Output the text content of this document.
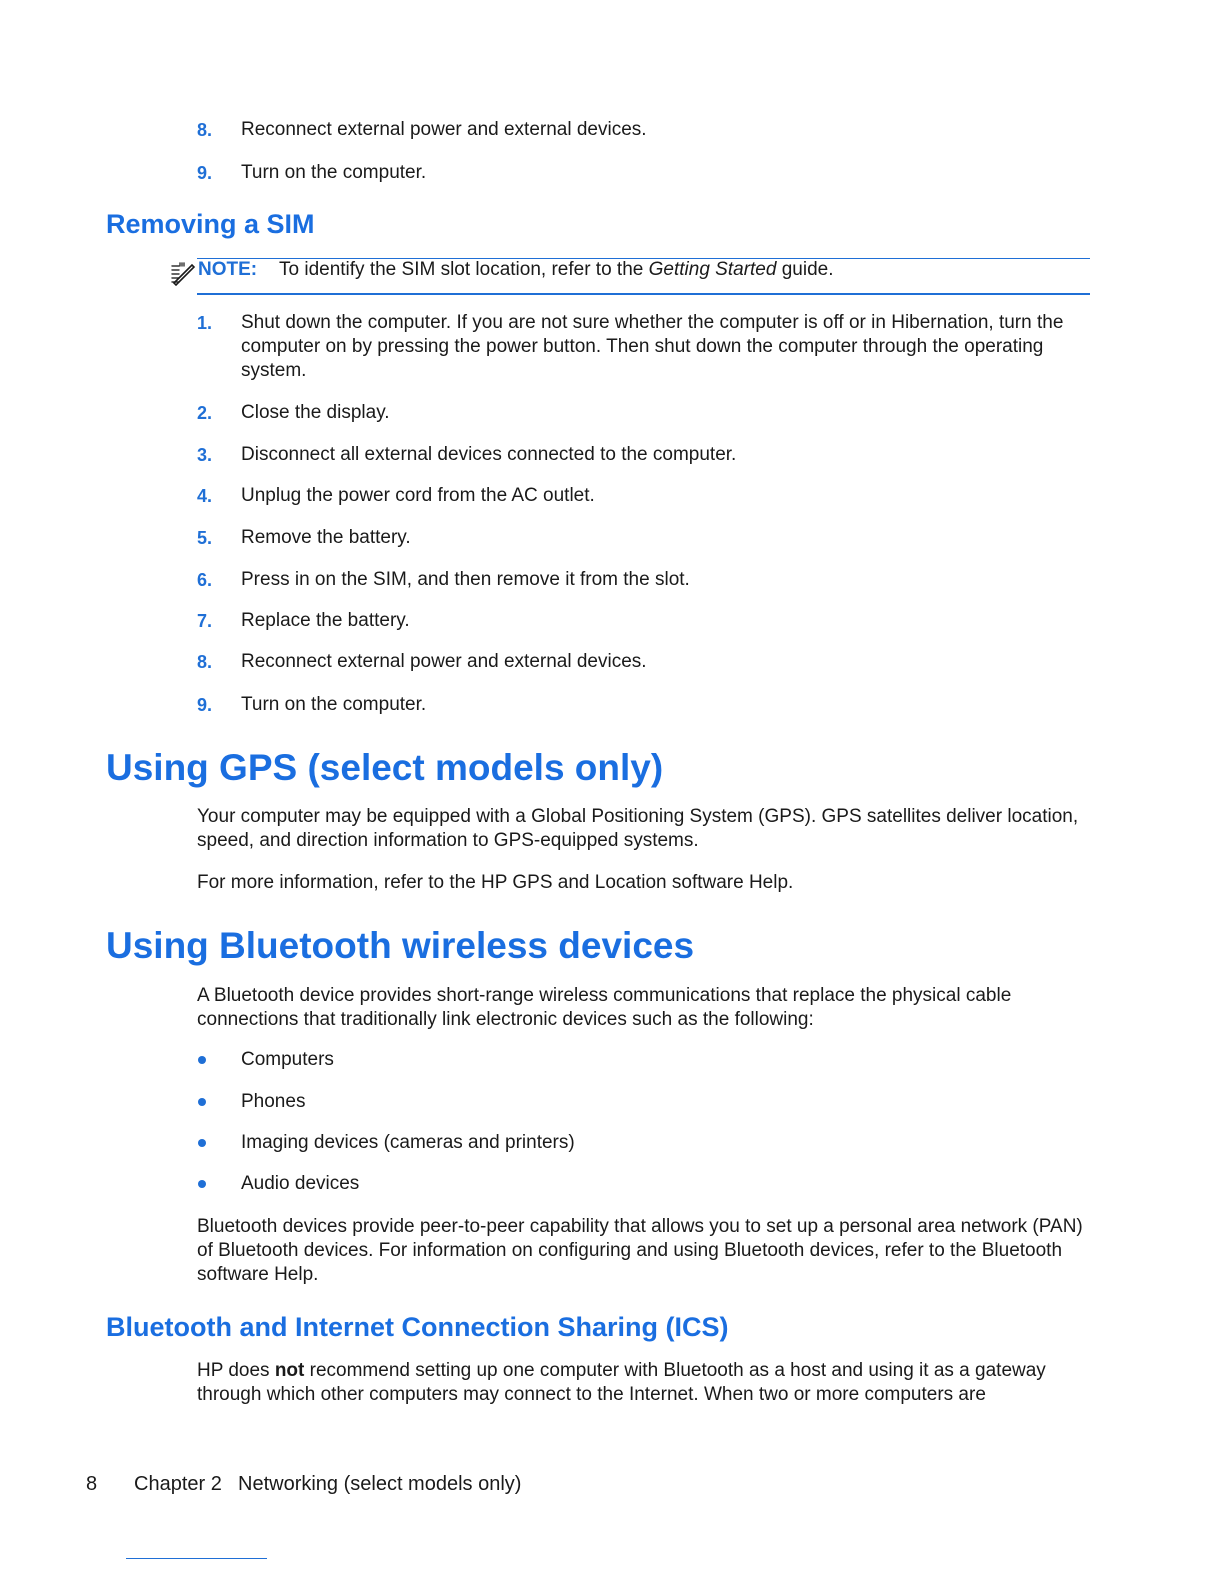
8. Reconnect external power and external devices.
9. Turn on the computer.
Removing a SIM
NOTE: To identify the SIM slot location, refer to the Getting Started guide.
1. Shut down the computer. If you are not sure whether the computer is off or in Hibernation, turn the computer on by pressing the power button. Then shut down the computer through the operating system.
2. Close the display.
3. Disconnect all external devices connected to the computer.
4. Unplug the power cord from the AC outlet.
5. Remove the battery.
6. Press in on the SIM, and then remove it from the slot.
7. Replace the battery.
8. Reconnect external power and external devices.
9. Turn on the computer.
Using GPS (select models only)

Your computer may be equipped with a Global Positioning System (GPS). GPS satellites deliver location, speed, and direction information to GPS-equipped systems.

For more information, refer to the HP GPS and Location software Help.

Using Bluetooth wireless devices

A Bluetooth device provides short-range wireless communications that replace the physical cable connections that traditionally link electronic devices such as the following:

Computers
Phones
Imaging devices (cameras and printers)
Audio devices

Bluetooth devices provide peer-to-peer capability that allows you to set up a personal area network (PAN) of Bluetooth devices. For information on configuring and using Bluetooth devices, refer to the Bluetooth software Help.

Bluetooth and Internet Connection Sharing (ICS)

HP does not recommend setting up one computer with Bluetooth as a host and using it as a gateway through which other computers may connect to the Internet. When two or more computers are

8 Chapter 2 Networking (select models only)
